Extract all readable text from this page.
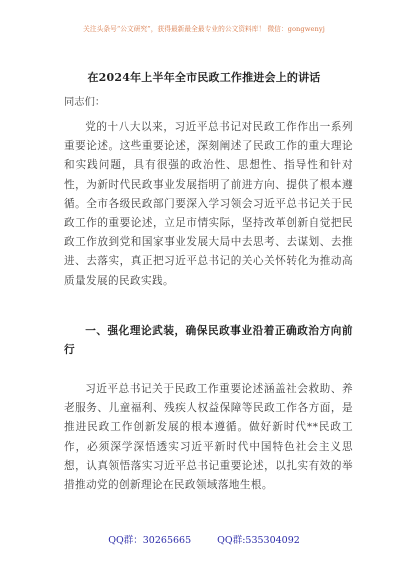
关注头条号“公文研究”，获得最新最全最专业的公文资料库！ 微信：gongwenyj
在2024年上半年全市民政工作推进会上的讲话
同志们：

党的十八大以来，习近平总书记对民政工作作出一系列重要论述。这些重要论述，深刻阐述了民政工作的重大理论和实践问题，具有很强的政治性、思想性、指导性和针对性，为新时代民政事业发展指明了前进方向、提供了根本遵循。全市各级民政部门要深入学习领会习近平总书记关于民政工作的重要论述，立足市情实际，坚持改革创新自觉把民政工作放到党和国家事业发展大局中去思考、去谋划、去推进、去落实，真正把习近平总书记的关心关怀转化为推动高质量发展的民政实践。

一、强化理论武装，确保民政事业沿着正确政治方向前行

习近平总书记关于民政工作重要论述涵盖社会救助、养老服务、儿童福利、残疾人权益保障等民政工作各方面，是推进民政工作创新发展的根本遵循。做好新时代**民政工作，必须深学深悟透实习近平新时代中国特色社会主义思想，认真领悟落实习近平总书记重要论述，以扎实有效的举措推动党的创新理论在民政领域落地生根。

QQ群：30265665	QQ群:535304092
